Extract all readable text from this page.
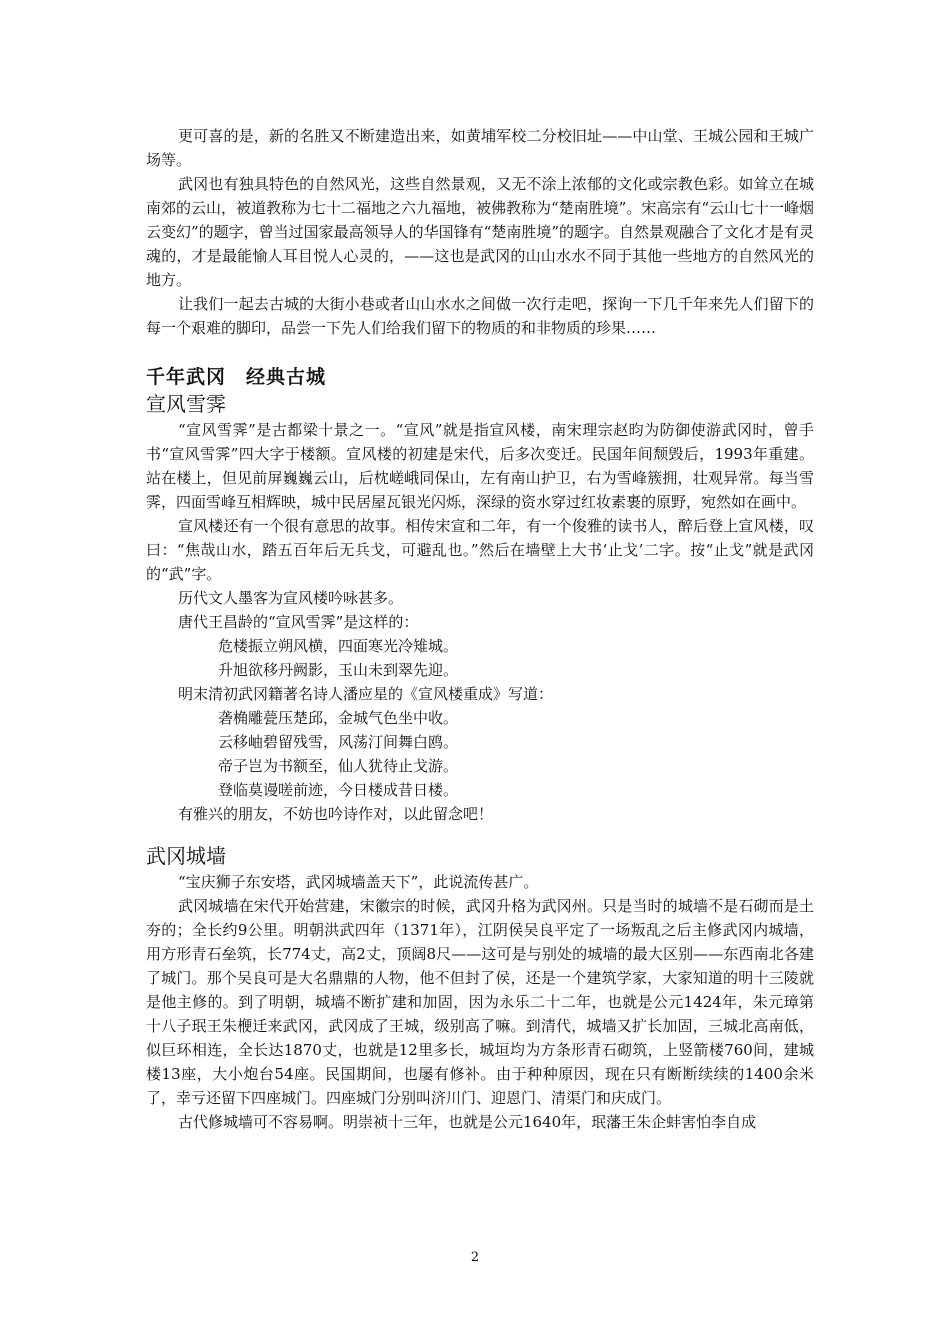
更可喜的是，新的名胜又不断建造出来，如黄埔军校二分校旧址——中山堂、王城公园和王城广场等。

武冈也有独具特色的自然风光，这些自然景观，又无不涂上浓郁的文化或宗教色彩。如耸立在城南郊的云山，被道教称为七十二福地之六九福地，被佛教称为“楚南胜境”。宋高宗有“云山七十一峰烟云变幻”的题字，曾当过国家最高领导人的华国锋有“楚南胜境”的题字。自然景观融合了文化才是有灵魂的，才是最能愉人耳目悦人心灵的，——这也是武冈的山山水水不同于其他一些地方的自然风光的地方。

让我们一起去古城的大街小巷或者山山水水之间做一次行走吧，探询一下几千年来先人们留下的每一个艰难的脚印，品尝一下先人们给我们留下的物质的和非物质的珍果……

千年武冈　经典古城
宣风雪霁

“宣风雪霁”是古都梁十景之一。“宣风”就是指宣风楼，南宋理宗赵昀为防御使游武冈时，曾手书“宣风雪霁”四大字于楼额。宣风楼的初建是宋代，后多次变迁。民国年间颓毁后，1993年重建。站在楼上，但见前屏巍巍云山，后枕嵯峨同保山，左有南山护卫，右为雪峰簇拥，壮观异常。每当雪霁，四面雪峰互相辉映，城中民居屋瓦银光闪烁，深绿的资水穿过红妆素裹的原野，宛然如在画中。

宣风楼还有一个很有意思的故事。相传宋宣和二年，有一个俊雅的读书人，醉后登上宣风楼，叹曰：“焦哉山水，踏五百年后无兵戈，可避乱也。”然后在墙壁上大书‘止戈’二字。按“止戈”就是武冈的“武”字。

历代文人墨客为宣风楼吟咏甚多。

唐代王昌龄的“宣风雪霁”是这样的：

危楼振立朔风横，四面寒光冷雉城。

升旭欲移丹阙影，玉山未到翠先迎。

明末清初武冈籍著名诗人潘应星的《宣风楼重成》写道：

砻桷雕甍压楚邱，金城气色坐中收。

云移岫碧留残雪，风荡汀间舞白鸥。

帝子岂为书额至，仙人犹待止戈游。

登临莫谩嗟前迹，今日楼成昔日楼。

有雅兴的朋友，不妨也吟诗作对，以此留念吧！

武冈城墙

“宝庆狮子东安塔，武冈城墙盖天下”，此说流传甚广。

武冈城墙在宋代开始营建，宋徽宗的时候，武冈升格为武冈州。只是当时的城墙不是石砌而是土夯的；全长约9公里。明朝洪武四年（1371年），江阴侯吴良平定了一场叛乱之后主修武冈内城墙，用方形青石垒筑，长774丈，高2丈，顶阔8尺——这可是与别处的城墙的最大区别——东西南北各建了城门。那个吴良可是大名鼎鼎的人物，他不但封了侯，还是一个建筑学家，大家知道的明十三陵就是他主修的。到了明朝，城墙不断扩建和加固，因为永乐二十二年，也就是公元1424年，朱元璋第十八子珉王朱楩迁来武冈，武冈成了王城，级别高了嘛。到清代，城墙又扩长加固，三城北高南低，似巨环相连，全长达1870丈，也就是12里多长，城垣均为方条形青石砌筑，上竖箭楼760间，建城楼13座，大小炮台54座。民国期间，也屡有修补。由于种种原因，现在只有断断续续的1400余米了，幸亏还留下四座城门。四座城门分别叫济川门、迎恩门、清渠门和庆成门。

古代修城墙可不容易啊。明崇祯十三年，也就是公元1640年，珉藩王朱企蚌害怕李自成

2
